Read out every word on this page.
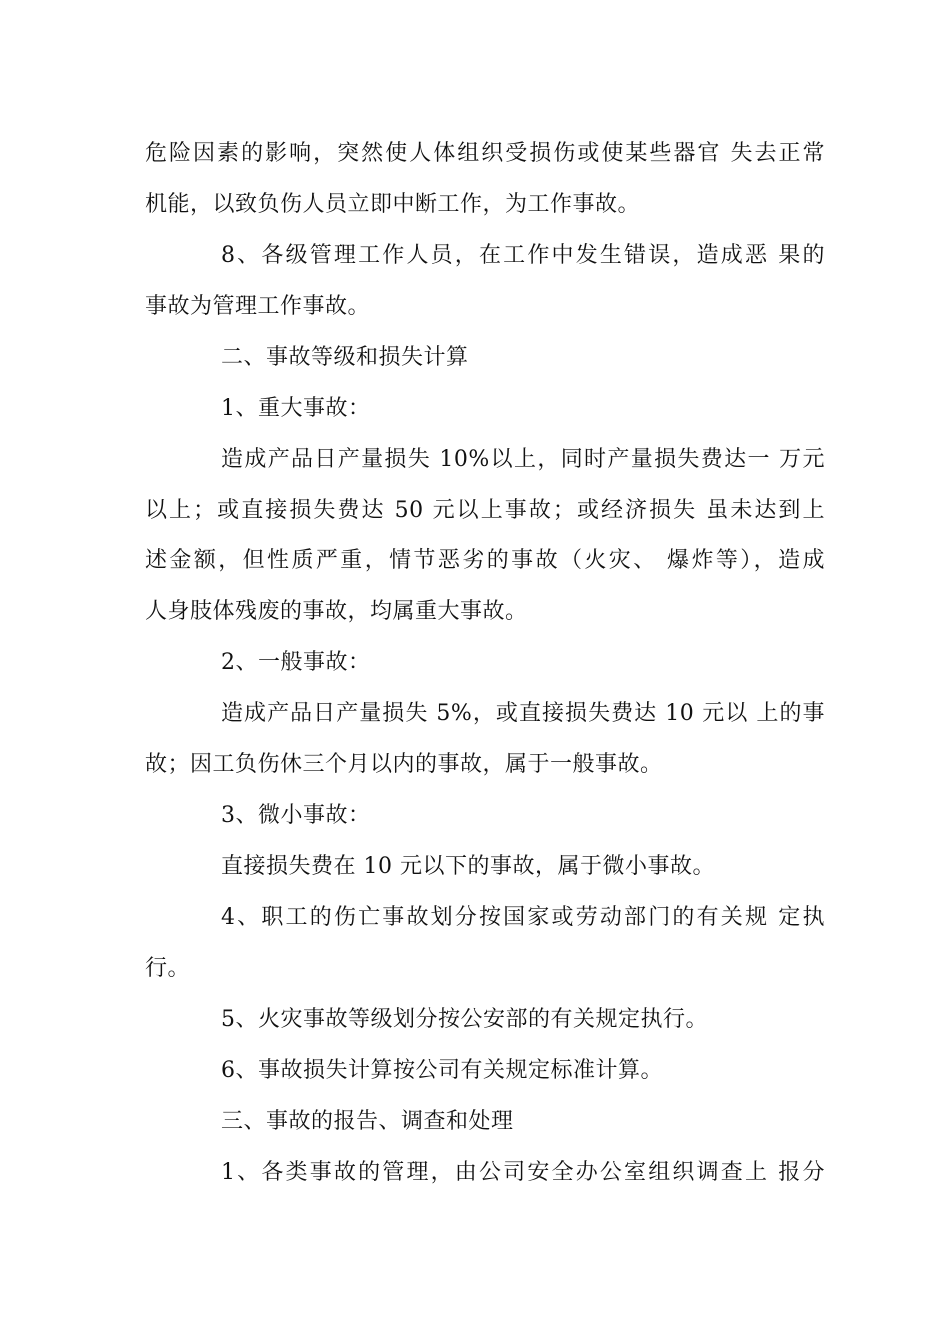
危险因素的影响，突然使人体组织受损伤或使某些器官 失去正常
机能，以致负伤人员立即中断工作，为工作事故。
8、各级管理工作人员，在工作中发生错误，造成恶 果的
事故为管理工作事故。
二、事故等级和损失计算
1、重大事故：
造成产品日产量损失 10%以上，同时产量损失费达一 万元
以上；或直接损失费达 50 元以上事故；或经济损失 虽未达到上
述金额，但性质严重，情节恶劣的事故（火灾、 爆炸等），造成
人身肢体残废的事故，均属重大事故。
2、一般事故：
造成产品日产量损失 5%，或直接损失费达 10 元以 上的事
故；因工负伤休三个月以内的事故，属于一般事故。
3、微小事故：
直接损失费在 10 元以下的事故，属于微小事故。
4、职工的伤亡事故划分按国家或劳动部门的有关规 定执
行。
5、火灾事故等级划分按公安部的有关规定执行。
6、事故损失计算按公司有关规定标准计算。
三、事故的报告、调查和处理
1、各类事故的管理，由公司安全办公室组织调查上 报分
